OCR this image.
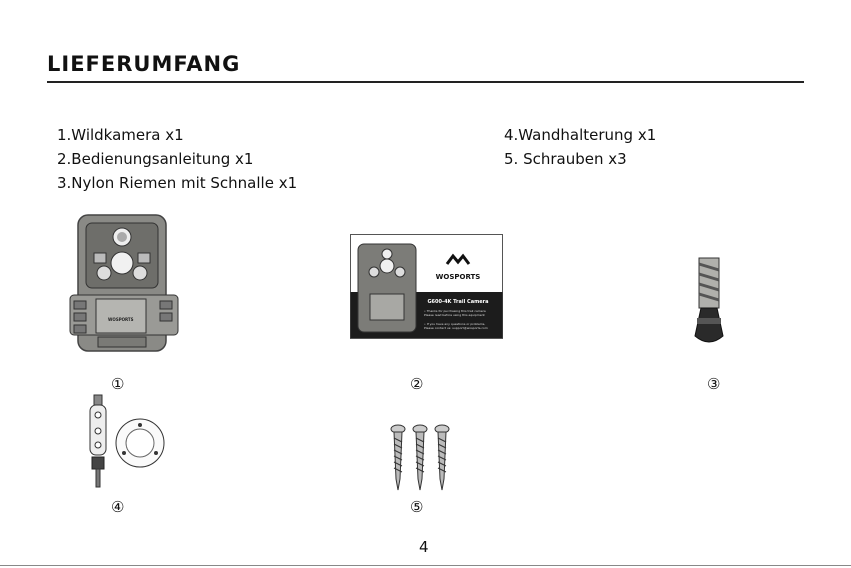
LIEFERUMFANG
1.Wildkamera x1
2.Bedienungsanleitung x1
3.Nylon Riemen mit Schnalle x1
4.Wandhalterung x1
5. Schrauben x3
WOSPORTS
WOSPORTS
G600-4K Trail Camera
• Thanks for purchasing this trail camera
Please read before using this equipment
• If you have any questions or problems,
Please contact us: support@wosports.com
①	②	③
④	⑤
4
